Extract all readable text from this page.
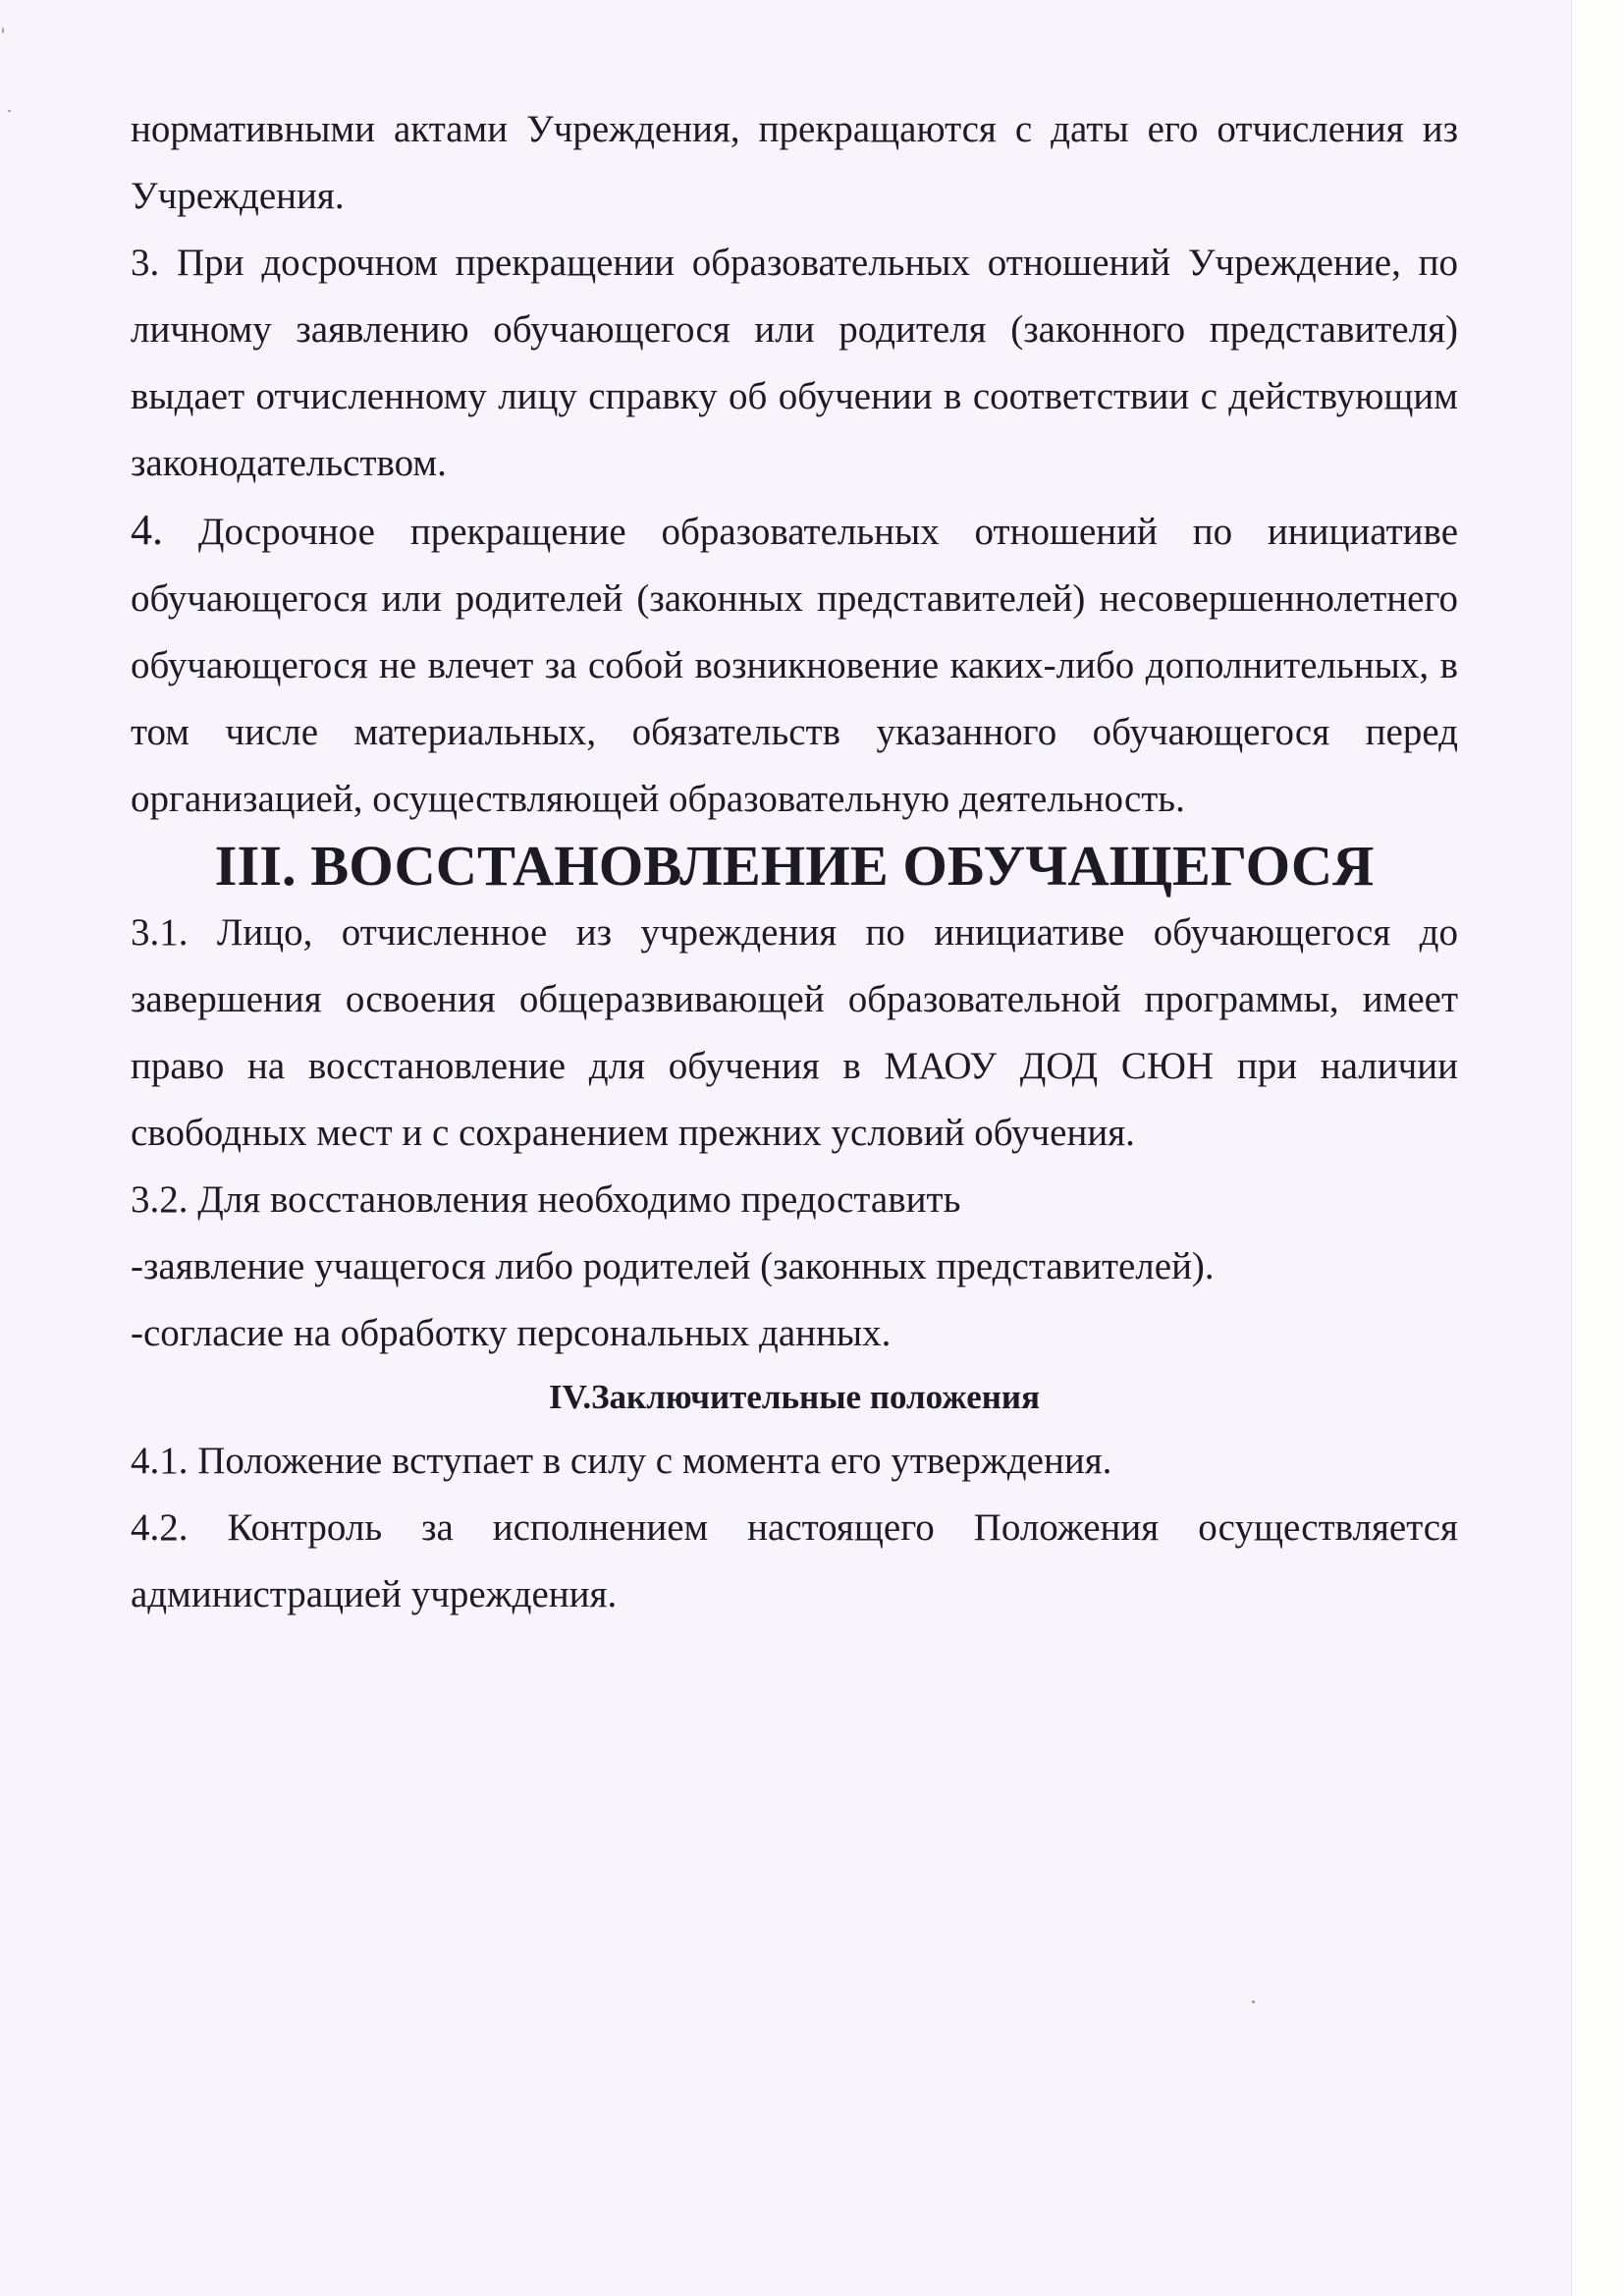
нормативными актами Учреждения, прекращаются с даты его отчисления из Учреждения.

3. При досрочном прекращении образовательных отношений Учреждение, по личному заявлению обучающегося или родителя (законного представителя) выдает отчисленному лицу справку об обучении в соответствии с действующим законодательством.

4. Досрочное прекращение образовательных отношений по инициативе обучающегося или родителей (законных представителей) несовершеннолетнего обучающегося не влечет за собой возникновение каких-либо дополнительных, в том числе материальных, обязательств указанного обучающегося перед организацией, осуществляющей образовательную деятельность.

III. ВОССТАНОВЛЕНИЕ ОБУЧАЩЕГОСЯ

3.1. Лицо, отчисленное из учреждения по инициативе обучающегося до завершения освоения общеразвивающей образовательной программы, имеет право на восстановление для обучения в МАОУ ДОД СЮН при наличии свободных мест и с сохранением прежних условий обучения.

3.2. Для восстановления необходимо предоставить

-заявление учащегося либо родителей (законных представителей).

-согласие на обработку персональных данных.

IV.Заключительные положения

4.1. Положение вступает в силу с момента его утверждения.

4.2. Контроль за исполнением настоящего Положения осуществляется администрацией учреждения.
